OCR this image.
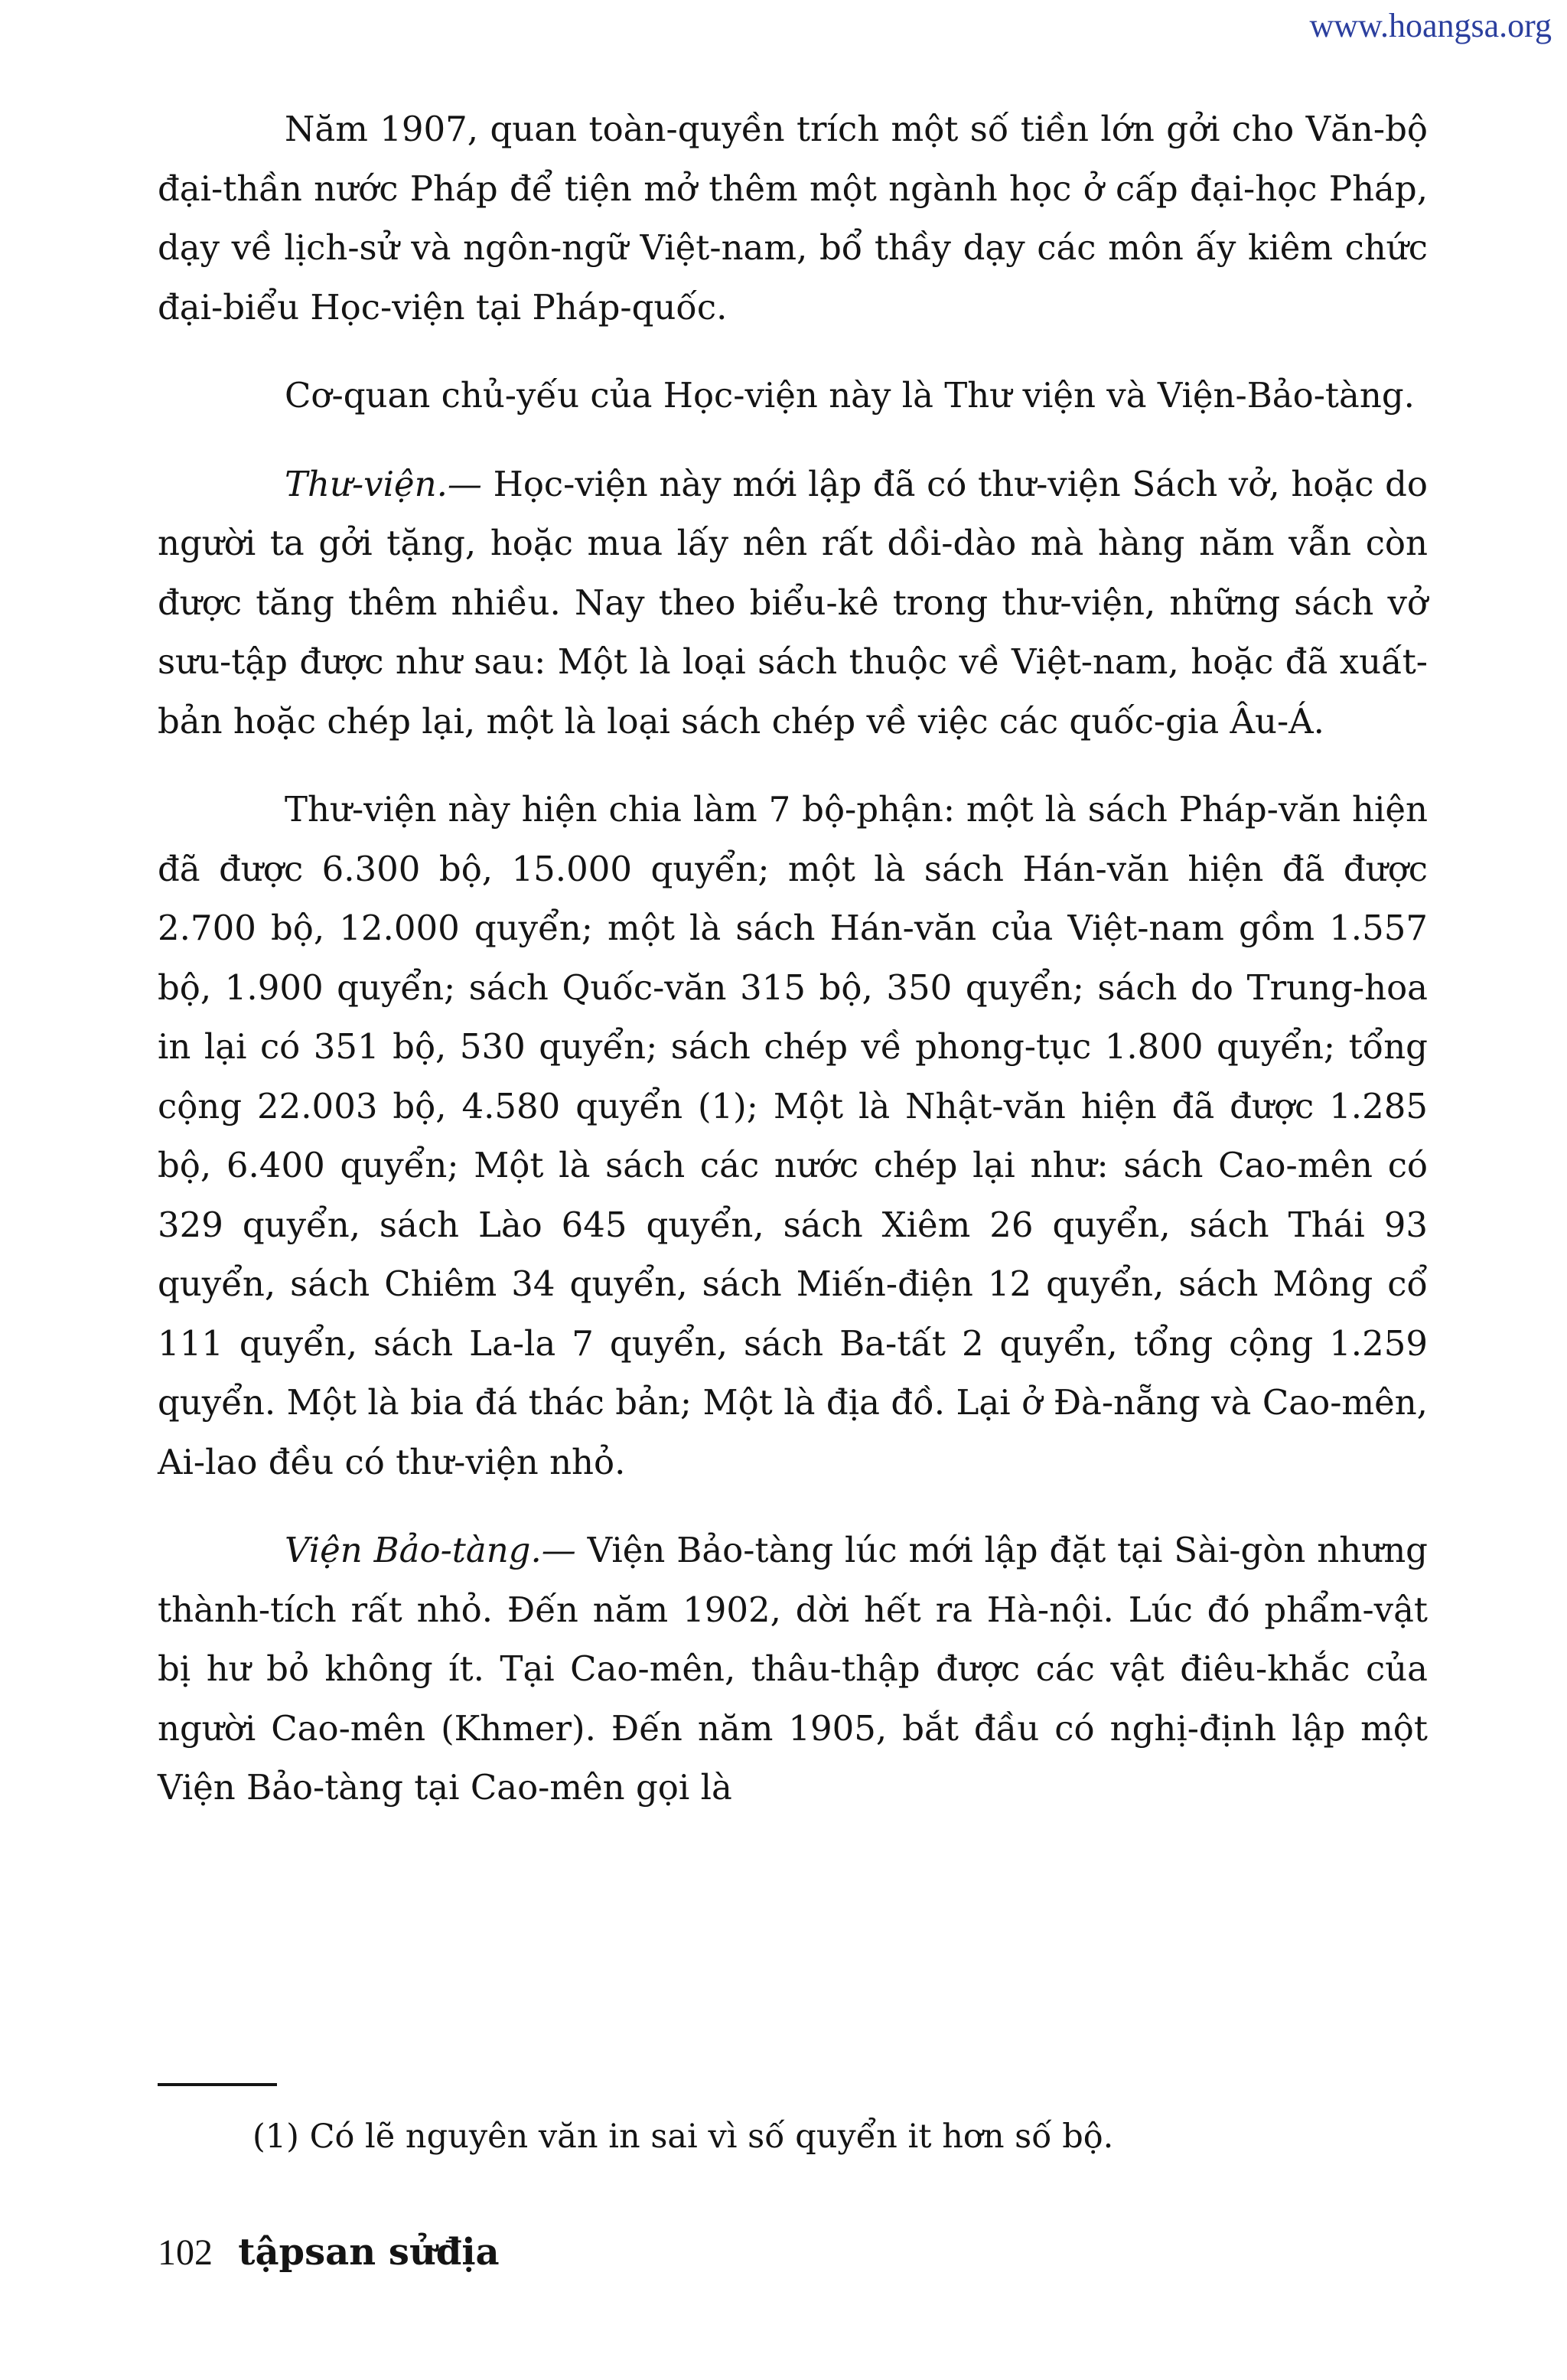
www.hoangsa.org

Năm 1907, quan toàn-quyền trích một số tiền lớn gởi cho Văn-bộ đại-thần nước Pháp để tiện mở thêm một ngành học ở cấp đại-học Pháp, dạy về lịch-sử và ngôn-ngữ Việt-nam, bổ thầy dạy các môn ấy kiêm chức đại-biểu Học-viện tại Pháp-quốc.

Cơ-quan chủ-yếu của Học-viện này là Thư viện và Viện-Bảo-tàng.

Thư-viện.— Học-viện này mới lập đã có thư-viện Sách vở, hoặc do người ta gởi tặng, hoặc mua lấy nên rất dồi-dào mà hàng năm vẫn còn được tăng thêm nhiều. Nay theo biểu-kê trong thư-viện, những sách vở sưu-tập được như sau: Một là loại sách thuộc về Việt-nam, hoặc đã xuất-bản hoặc chép lại, một là loại sách chép về việc các quốc-gia Âu-Á.

Thư-viện này hiện chia làm 7 bộ-phận: một là sách Pháp-văn hiện đã được 6.300 bộ, 15.000 quyển; một là sách Hán-văn hiện đã được 2.700 bộ, 12.000 quyển; một là sách Hán-văn của Việt-nam gồm 1.557 bộ, 1.900 quyển; sách Quốc-văn 315 bộ, 350 quyển; sách do Trung-hoa in lại có 351 bộ, 530 quyển; sách chép về phong-tục 1.800 quyển; tổng cộng 22.003 bộ, 4.580 quyển (1); Một là Nhật-văn hiện đã được 1.285 bộ, 6.400 quyển; Một là sách các nước chép lại như: sách Cao-mên có 329 quyển, sách Lào 645 quyển, sách Xiêm 26 quyển, sách Thái 93 quyển, sách Chiêm 34 quyển, sách Miến-điện 12 quyển, sách Mông cổ 111 quyển, sách La-la 7 quyển, sách Ba-tất 2 quyển, tổng cộng 1.259 quyển. Một là bia đá thác bản; Một là địa đồ. Lại ở Đà-nẵng và Cao-mên, Ai-lao đều có thư-viện nhỏ.

Viện Bảo-tàng.— Viện Bảo-tàng lúc mới lập đặt tại Sài-gòn nhưng thành-tích rất nhỏ. Đến năm 1902, dời hết ra Hà-nội. Lúc đó phẩm-vật bị hư bỏ không ít. Tại Cao-mên, thâu-thập được các vật điêu-khắc của người Cao-mên (Khmer). Đến năm 1905, bắt đầu có nghị-định lập một Viện Bảo-tàng tại Cao-mên gọi là

(1) Có lẽ nguyên văn in sai vì số quyển it hơn số bộ.
102 tậpsan sửđịa
